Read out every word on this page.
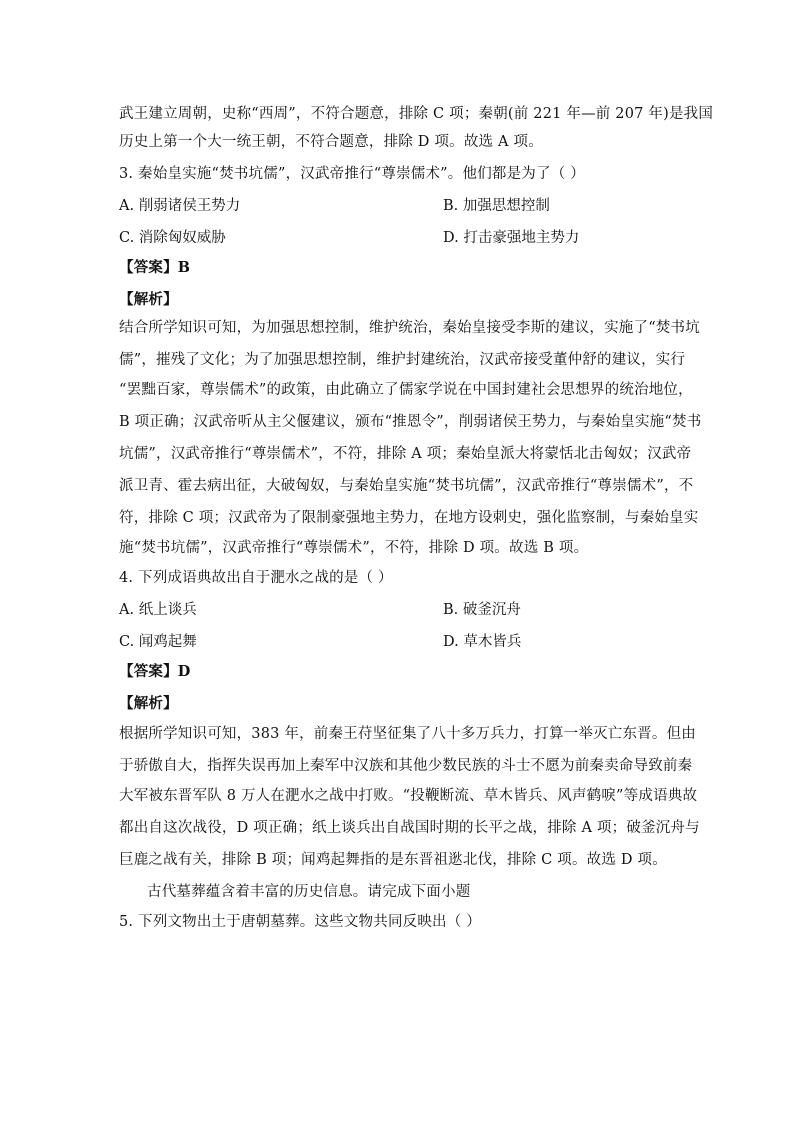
武王建立周朝，史称“西周”，不符合题意，排除 C 项；秦朝(前 221 年—前 207 年)是我国
历史上第一个大一统王朝，不符合题意，排除 D 项。故选 A 项。
3. 秦始皇实施“焚书坑儒”，汉武帝推行“尊崇儒术”。他们都是为了（ ）
A. 削弱诸侯王势力	B. 加强思想控制
C. 消除匈奴威胁	D. 打击豪强地主势力
【答案】B
【解析】
结合所学知识可知，为加强思想控制，维护统治，秦始皇接受李斯的建议，实施了“焚书坑
儒”，摧残了文化；为了加强思想控制，维护封建统治，汉武帝接受董仲舒的建议，实行
“罢黜百家，尊崇儒术”的政策，由此确立了儒家学说在中国封建社会思想界的统治地位，
B 项正确；汉武帝听从主父偃建议，颁布“推恩令”，削弱诸侯王势力，与秦始皇实施“焚书
坑儒”，汉武帝推行“尊崇儒术”，不符，排除 A 项；秦始皇派大将蒙恬北击匈奴；汉武帝
派卫青、霍去病出征，大破匈奴，与秦始皇实施“焚书坑儒”，汉武帝推行“尊崇儒术”，不
符，排除 C 项；汉武帝为了限制豪强地主势力，在地方设刺史，强化监察制，与秦始皇实
施“焚书坑儒”，汉武帝推行“尊崇儒术”，不符，排除 D 项。故选 B 项。
4. 下列成语典故出自于淝水之战的是（ ）
A. 纸上谈兵	B. 破釜沉舟
C. 闻鸡起舞	D. 草木皆兵
【答案】D
【解析】
根据所学知识可知，383 年，前秦王苻坚征集了八十多万兵力，打算一举灭亡东晋。但由
于骄傲自大，指挥失误再加上秦军中汉族和其他少数民族的斗士不愿为前秦卖命导致前秦
大军被东晋军队 8 万人在淝水之战中打败。“投鞭断流、草木皆兵、风声鹤唳”等成语典故
都出自这次战役，D 项正确；纸上谈兵出自战国时期的长平之战，排除 A 项；破釜沉舟与
巨鹿之战有关，排除 B 项；闻鸡起舞指的是东晋祖逖北伐，排除 C 项。故选 D 项。
古代墓葬蕴含着丰富的历史信息。请完成下面小题
5. 下列文物出土于唐朝墓葬。这些文物共同反映出（ ）
